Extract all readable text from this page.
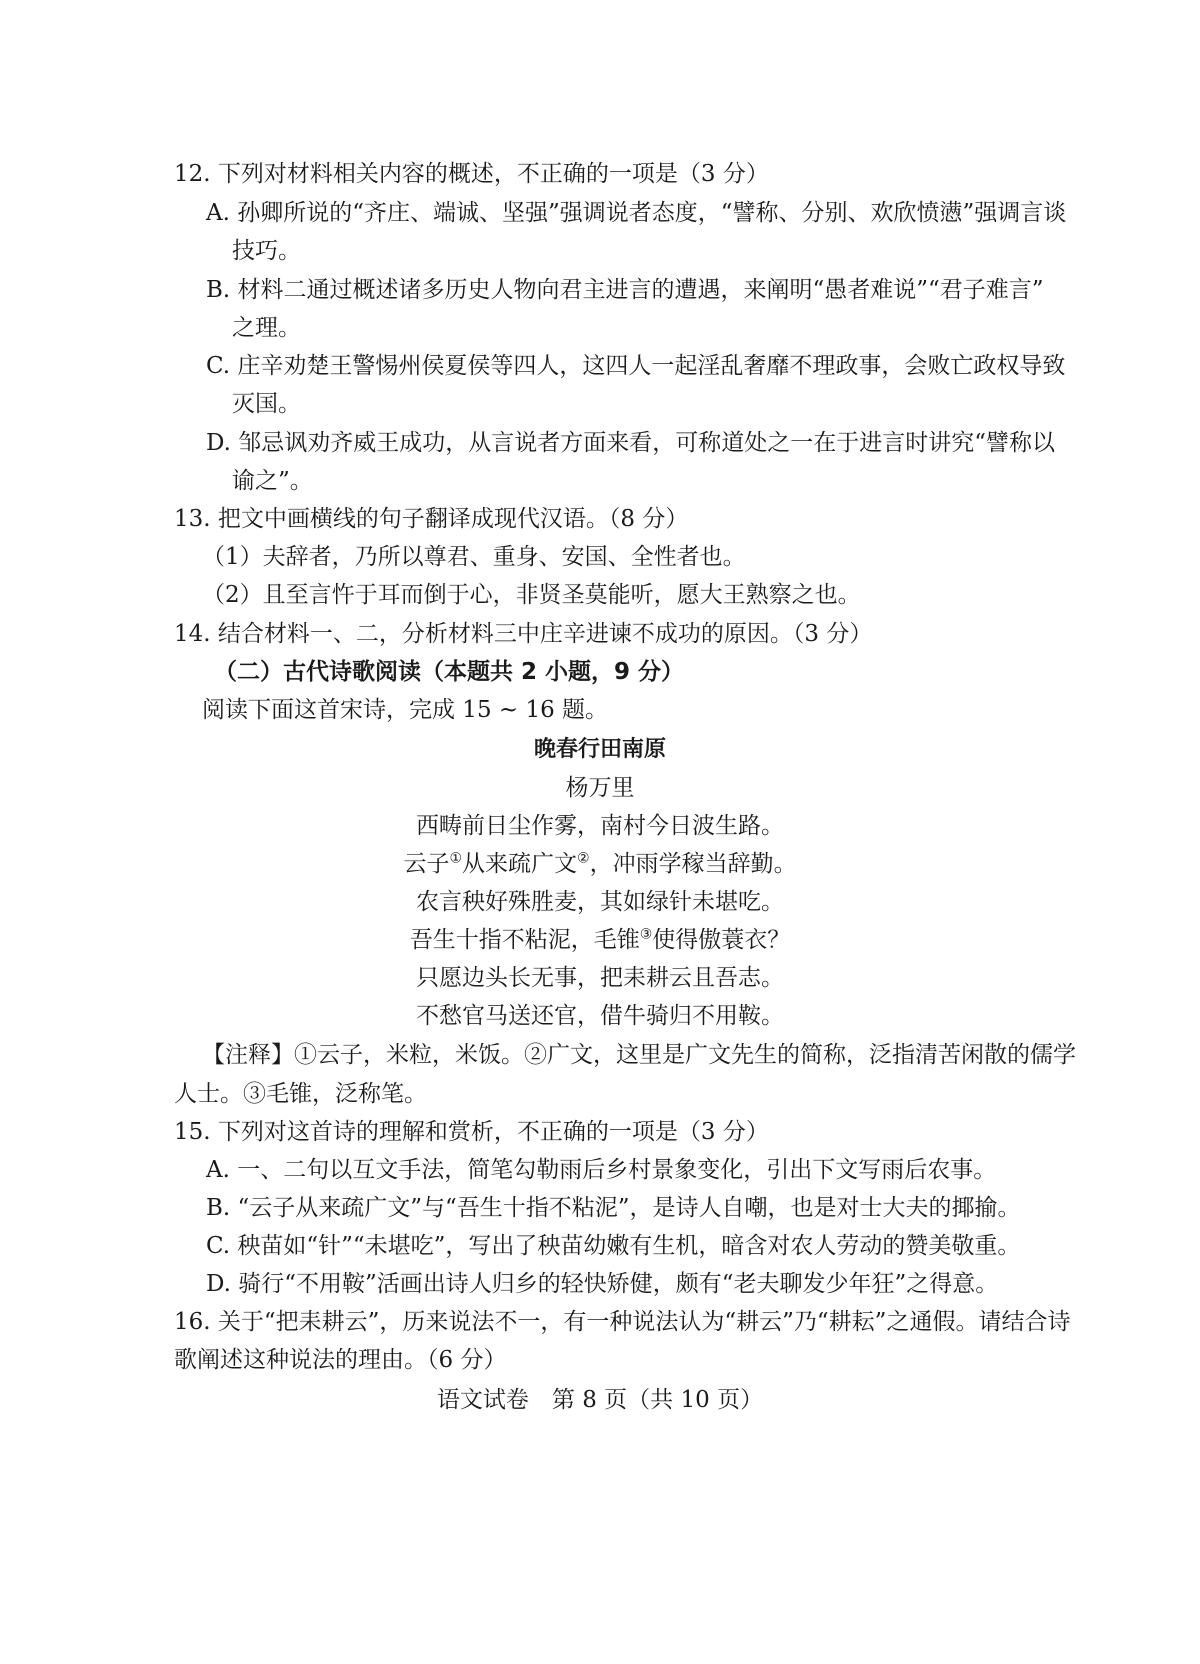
12. 下列对材料相关内容的概述，不正确的一项是（3 分）
A. 孙卿所说的“齐庄、端诚、坚强”强调说者态度，“譬称、分别、欢欣愤懑”强调言谈
技巧。
B. 材料二通过概述诸多历史人物向君主进言的遭遇，来阐明“愚者难说”“君子难言”
之理。
C. 庄辛劝楚王警惕州侯夏侯等四人，这四人一起淫乱奢靡不理政事，会败亡政权导致
灭国。
D. 邹忌讽劝齐威王成功，从言说者方面来看，可称道处之一在于进言时讲究“譬称以
谕之”。
13. 把文中画横线的句子翻译成现代汉语。（8 分）
（1）夫辞者，乃所以尊君、重身、安国、全性者也。
（2）且至言忤于耳而倒于心，非贤圣莫能听，愿大王熟察之也。
14. 结合材料一、二，分析材料三中庄辛进谏不成功的原因。（3 分）
（二）古代诗歌阅读（本题共 2 小题，9 分）
阅读下面这首宋诗，完成 15 ~ 16 题。
晚春行田南原
杨万里
西畴前日尘作雾，南村今日波生路。
云子①从来疏广文②，冲雨学稼当辞勤。
农言秧好殊胜麦，其如绿针未堪吃。
吾生十指不粘泥，毛锥③使得傲蓑衣？
只愿边头长无事，把耒耕云且吾志。
不愁官马送还官，借牛骑归不用鞍。
【注释】①云子，米粒，米饭。②广文，这里是广文先生的简称，泛指清苦闲散的儒学
人士。③毛锥，泛称笔。
15. 下列对这首诗的理解和赏析，不正确的一项是（3 分）
A. 一、二句以互文手法，简笔勾勒雨后乡村景象变化，引出下文写雨后农事。
B. “云子从来疏广文”与“吾生十指不粘泥”，是诗人自嘲，也是对士大夫的揶揄。
C. 秧苗如“针”“未堪吃”，写出了秧苗幼嫩有生机，暗含对农人劳动的赞美敬重。
D. 骑行“不用鞍”活画出诗人归乡的轻快矫健，颇有“老夫聊发少年狂”之得意。
16. 关于“把耒耕云”，历来说法不一，有一种说法认为“耕云”乃“耕耘”之通假。请结合诗
歌阐述这种说法的理由。（6 分）
语文试卷　第 8 页（共 10 页）
